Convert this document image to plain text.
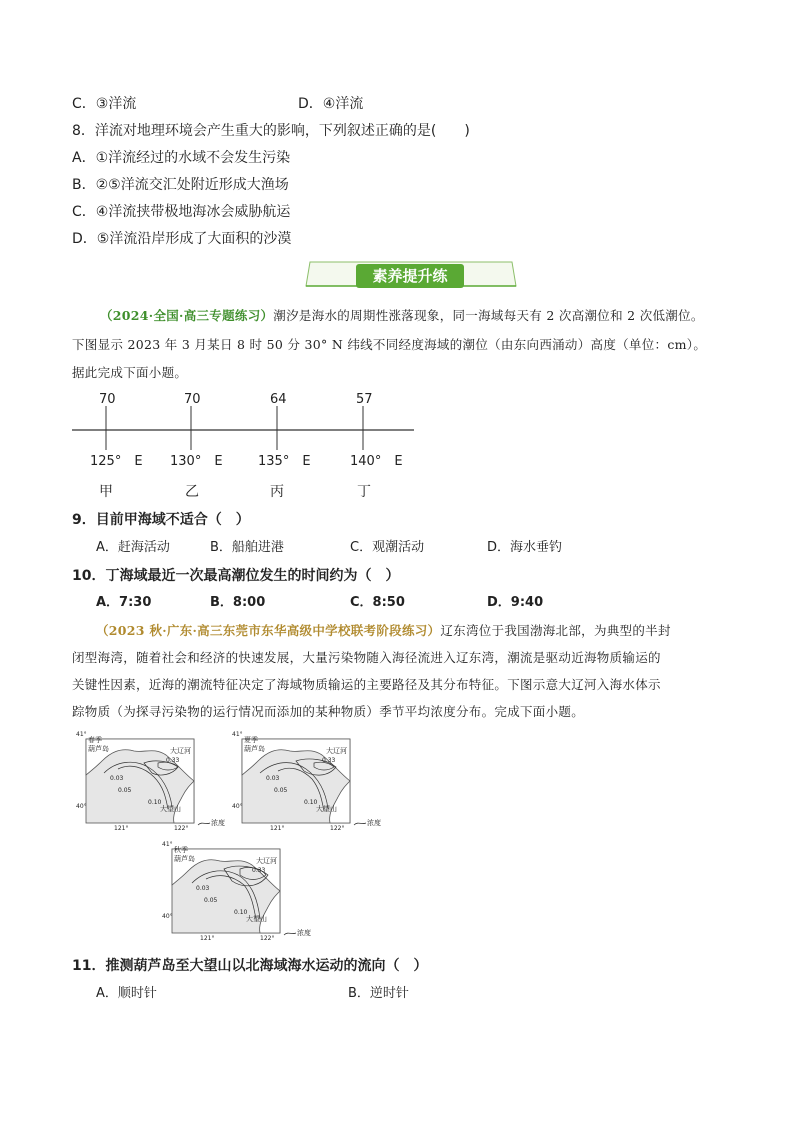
C．③洋流	D．④洋流
8．洋流对地理环境会产生重大的影响，下列叙述正确的是(　　)
A．①洋流经过的水域不会发生污染
B．②⑤洋流交汇处附近形成大渔场
C．④洋流挟带极地海冰会威胁航运
D．⑤洋流沿岸形成了大面积的沙漠
素养提升练
（2024·全国·高三专题练习）潮汐是海水的周期性涨落现象，同一海域每天有 2 次高潮位和 2 次低潮位。
下图显示 2023 年 3 月某日 8 时 50 分 30° N 纬线不同经度海域的潮位（由东向西涌动）高度（单位：cm）。
据此完成下面小题。
70	70	64	57
125°　E 130°　E	135°　E	140°　E
甲	乙	丙	丁
9．目前甲海域不适合（　）
A．赶海活动	B．船舶进港	C．观潮活动	D．海水垂钓
10．丁海域最近一次最高潮位发生的时间约为（　）
A．7:30	B．8:00	C．8:50	D．9:40
（2023 秋·广东·高三东莞市东华高级中学校联考阶段练习）辽东湾位于我国渤海北部，为典型的半封
闭型海湾，随着社会和经济的快速发展，大量污染物随入海径流进入辽东湾，潮流是驱动近海物质输运的
关键性因素，近海的潮流特征决定了海域物质输运的主要路径及其分布特征。下图示意大辽河入海水体示
踪物质（为探寻污染物的运行情况而添加的某种物质）季节平均浓度分布。完成下面小题。
春季
41°
40°
121°	122°
葫芦岛	大辽河
大望山
0.03
0.05
0.10
0.33
浓度
夏季
41°
40°
121°	122°
葫芦岛	大辽河
大望山
0.03
0.05
0.10
0.33
浓度
秋季
41°
40°
121°	122°
葫芦岛	大辽河
大望山
0.03
0.05
0.10
0.33
浓度
11．推测葫芦岛至大望山以北海域海水运动的流向（　）
A．顺时针	B．逆时针
